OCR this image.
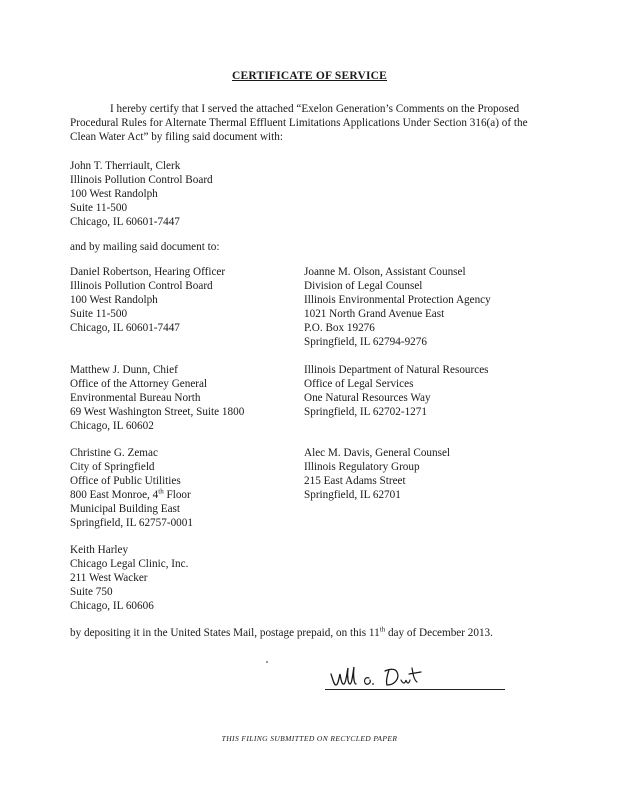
CERTIFICATE OF SERVICE

I hereby certify that I served the attached “Exelon Generation’s Comments on the Proposed Procedural Rules for Alternate Thermal Effluent Limitations Applications Under Section 316(a) of the Clean Water Act” by filing said document with:

John T. Therriault, Clerk
Illinois Pollution Control Board
100 West Randolph
Suite 11-500
Chicago, IL 60601-7447
and by mailing said document to:
Daniel Robertson, Hearing Officer
Illinois Pollution Control Board
100 West Randolph
Suite 11-500
Chicago, IL 60601-7447
Joanne M. Olson, Assistant Counsel
Division of Legal Counsel
Illinois Environmental Protection Agency
1021 North Grand Avenue East
P.O. Box 19276
Springfield, IL 62794-9276
Matthew J. Dunn, Chief
Office of the Attorney General
Environmental Bureau North
69 West Washington Street, Suite 1800
Chicago, IL 60602
Illinois Department of Natural Resources
Office of Legal Services
One Natural Resources Way
Springfield, IL 62702-1271
Christine G. Zemac
City of Springfield
Office of Public Utilities
800 East Monroe, 4th Floor
Municipal Building East
Springfield, IL 62757-0001
Alec M. Davis, General Counsel
Illinois Regulatory Group
215 East Adams Street
Springfield, IL 62701
Keith Harley
Chicago Legal Clinic, Inc.
211 West Wacker
Suite 750
Chicago, IL 60606
by depositing it in the United States Mail, postage prepaid, on this 11th day of December 2013.
THIS FILING SUBMITTED ON RECYCLED PAPER
